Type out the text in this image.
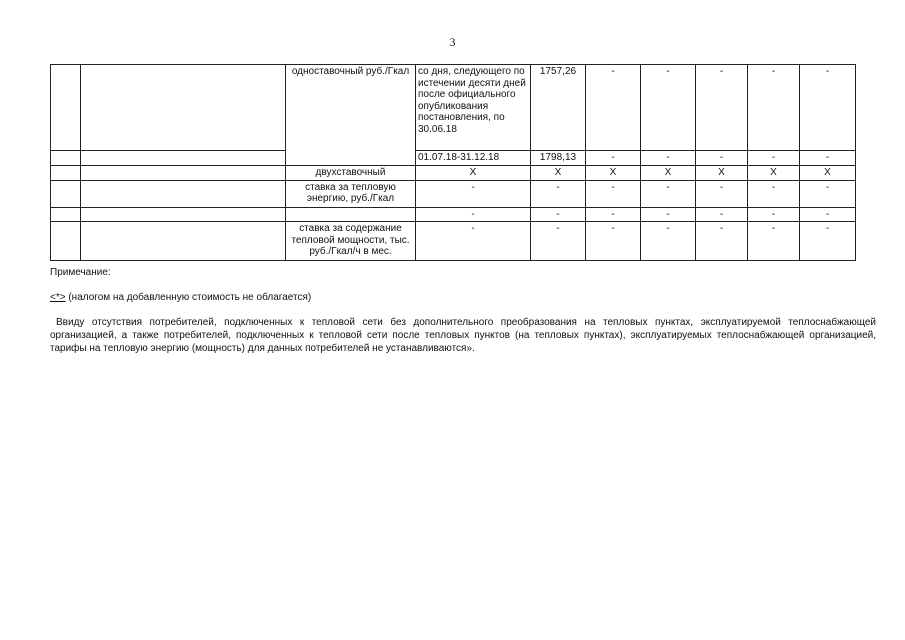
3
		одноставочный руб./Гкал	со дня, следующего по истечении десяти дней после официального опубликования постановления, по 30.06.18	1757,26	-	-	-	-	-
			01.07.18-31.12.18	1798,13	-	-	-	-	-
		двухставочный	Х	Х	Х	Х	Х	Х	Х
		ставка за тепловую энергию, руб./Гкал	-	-	-	-	-	-	-
			-	-	-	-	-	-	-
		ставка за содержание тепловой мощности, тыс. руб./Гкал/ч в мес.	-	-	-	-	-	-	-
Примечание:
<*> (налогом на добавленную стоимость не облагается)
Ввиду отсутствия потребителей, подключенных к тепловой сети без дополнительного преобразования на тепловых пунктах, эксплуатируемой теплоснабжающей организацией, а также потребителей, подключенных к тепловой сети после тепловых пунктов (на тепловых пунктах), эксплуатируемых теплоснабжающей организацией, тарифы на тепловую энергию (мощность) для данных потребителей не устанавливаются».
